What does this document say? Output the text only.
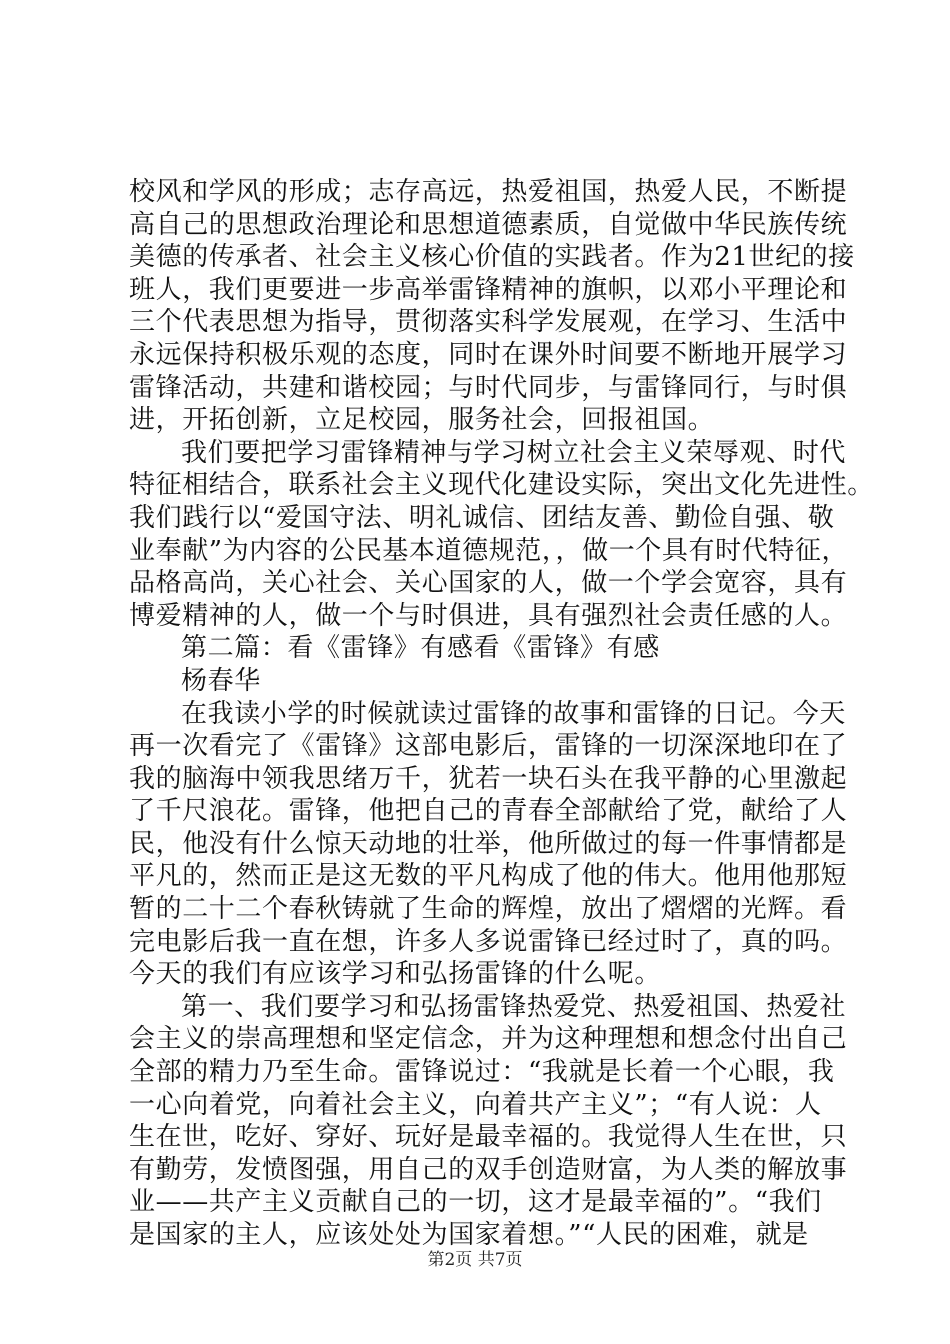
校风和学风的形成；志存高远，热爱祖国，热爱人民，不断提
高自己的思想政治理论和思想道德素质，自觉做中华民族传统
美德的传承者、社会主义核心价值的实践者。作为21世纪的接
班人，我们更要进一步高举雷锋精神的旗帜，以邓小平理论和
三个代表思想为指导，贯彻落实科学发展观，在学习、生活中
永远保持积极乐观的态度，同时在课外时间要不断地开展学习
雷锋活动，共建和谐校园；与时代同步，与雷锋同行，与时俱
进，开拓创新，立足校园，服务社会，回报祖国。
我们要把学习雷锋精神与学习树立社会主义荣辱观、时代
特征相结合，联系社会主义现代化建设实际，突出文化先进性。
我们践行以“爱国守法、明礼诚信、团结友善、勤俭自强、敬
业奉献”为内容的公民基本道德规范，，做一个具有时代特征，
品格高尚，关心社会、关心国家的人，做一个学会宽容，具有
博爱精神的人，做一个与时俱进，具有强烈社会责任感的人。
第二篇：看《雷锋》有感看《雷锋》有感
杨春华
在我读小学的时候就读过雷锋的故事和雷锋的日记。今天
再一次看完了《雷锋》这部电影后，雷锋的一切深深地印在了
我的脑海中领我思绪万千，犹若一块石头在我平静的心里激起
了千尺浪花。雷锋，他把自己的青春全部献给了党，献给了人
民，他没有什么惊天动地的壮举，他所做过的每一件事情都是
平凡的，然而正是这无数的平凡构成了他的伟大。他用他那短
暂的二十二个春秋铸就了生命的辉煌，放出了熠熠的光辉。看
完电影后我一直在想，许多人多说雷锋已经过时了，真的吗。
今天的我们有应该学习和弘扬雷锋的什么呢。
第一、我们要学习和弘扬雷锋热爱党、热爱祖国、热爱社
会主义的崇高理想和坚定信念，并为这种理想和想念付出自己
全部的精力乃至生命。雷锋说过：“我就是长着一个心眼，我
一心向着党，向着社会主义，向着共产主义”；“有人说：人
生在世，吃好、穿好、玩好是最幸福的。我觉得人生在世，只
有勤劳，发愤图强，用自己的双手创造财富，为人类的解放事
业——共产主义贡献自己的一切，这才是最幸福的”。“我们
是国家的主人，应该处处为国家着想。”“人民的困难，就是
第2页 共7页
